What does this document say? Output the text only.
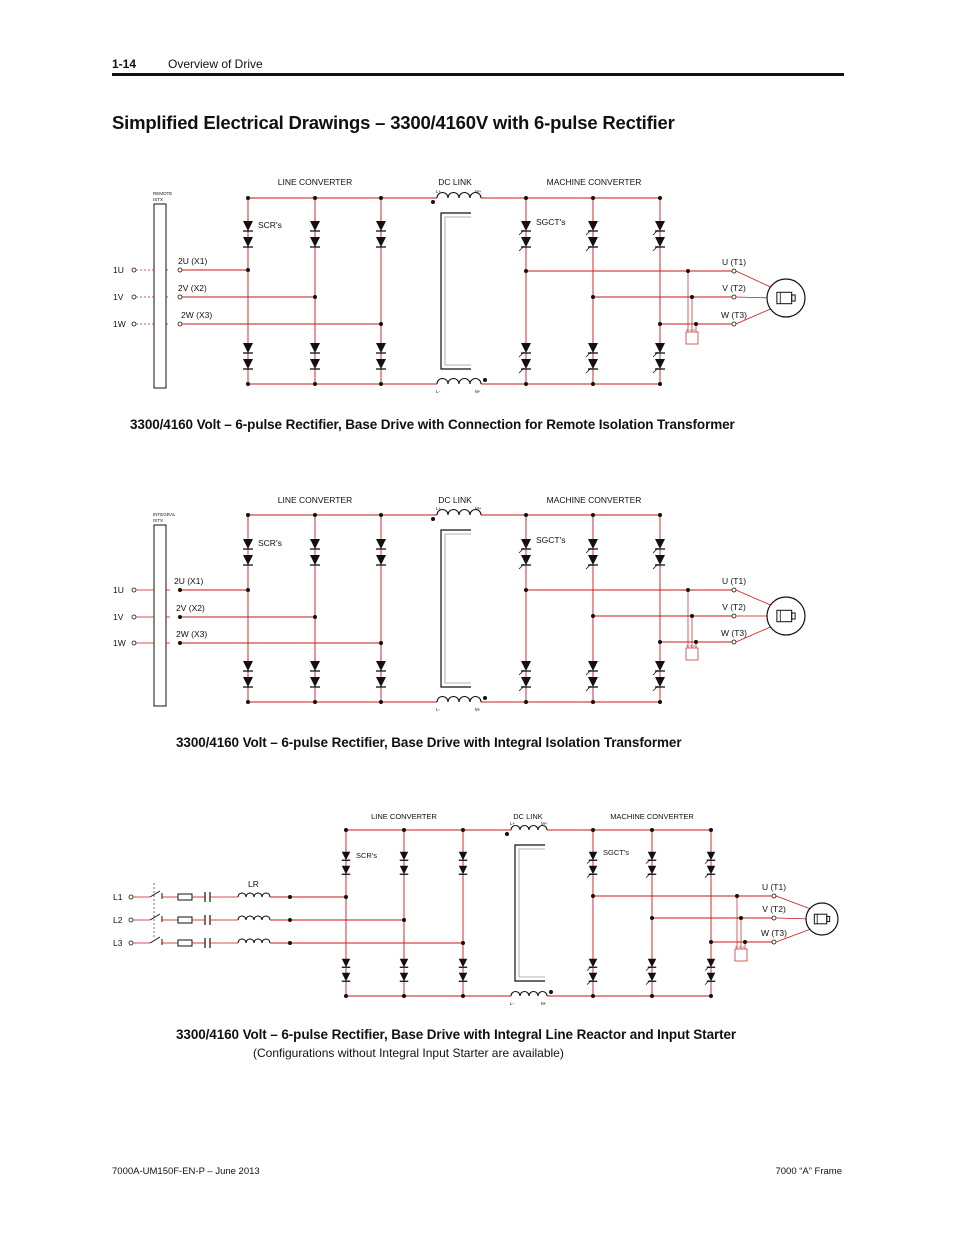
1-14	Overview of Drive
Simplified Electrical Drawings – 3300/4160V with 6-pulse Rectifier
3300/4160 Volt – 6-pulse Rectifier, Base Drive with Connection for Remote Isolation Transformer
3300/4160 Volt – 6-pulse Rectifier, Base Drive with Integral Isolation Transformer
3300/4160 Volt – 6-pulse Rectifier, Base Drive with Integral Line Reactor and Input Starter
(Configurations without Integral Input Starter are available)
7000A-UM150F-EN-P – June 2013	7000 “A” Frame
LINE CONVERTER	DC LINK	MACHINE CONVERTER
L+	M+
L-	M-
SCR's	SGCT's
REMOTE
ISTX
1U
2U (X1)
1V
2V (X2)
1W
2W (X3)
U (T1)
V (T2)
W (T3)
= = =
LINE CONVERTER	DC LINK	MACHINE CONVERTER
L+	M+
L-	M-
SCR's	SGCT's
INTEGRAL
ISTX
1U
2U (X1)
1V
2V (X2)
1W
2W (X3)
U (T1)
V (T2)
W (T3)
= = =
LINE CONVERTER	DC LINK	MACHINE CONVERTER
L+	M+
L-	M-
SCR's	SGCT's
L1
L2
L3
LR	U (T1)
V (T2)
W (T3)
= = =
